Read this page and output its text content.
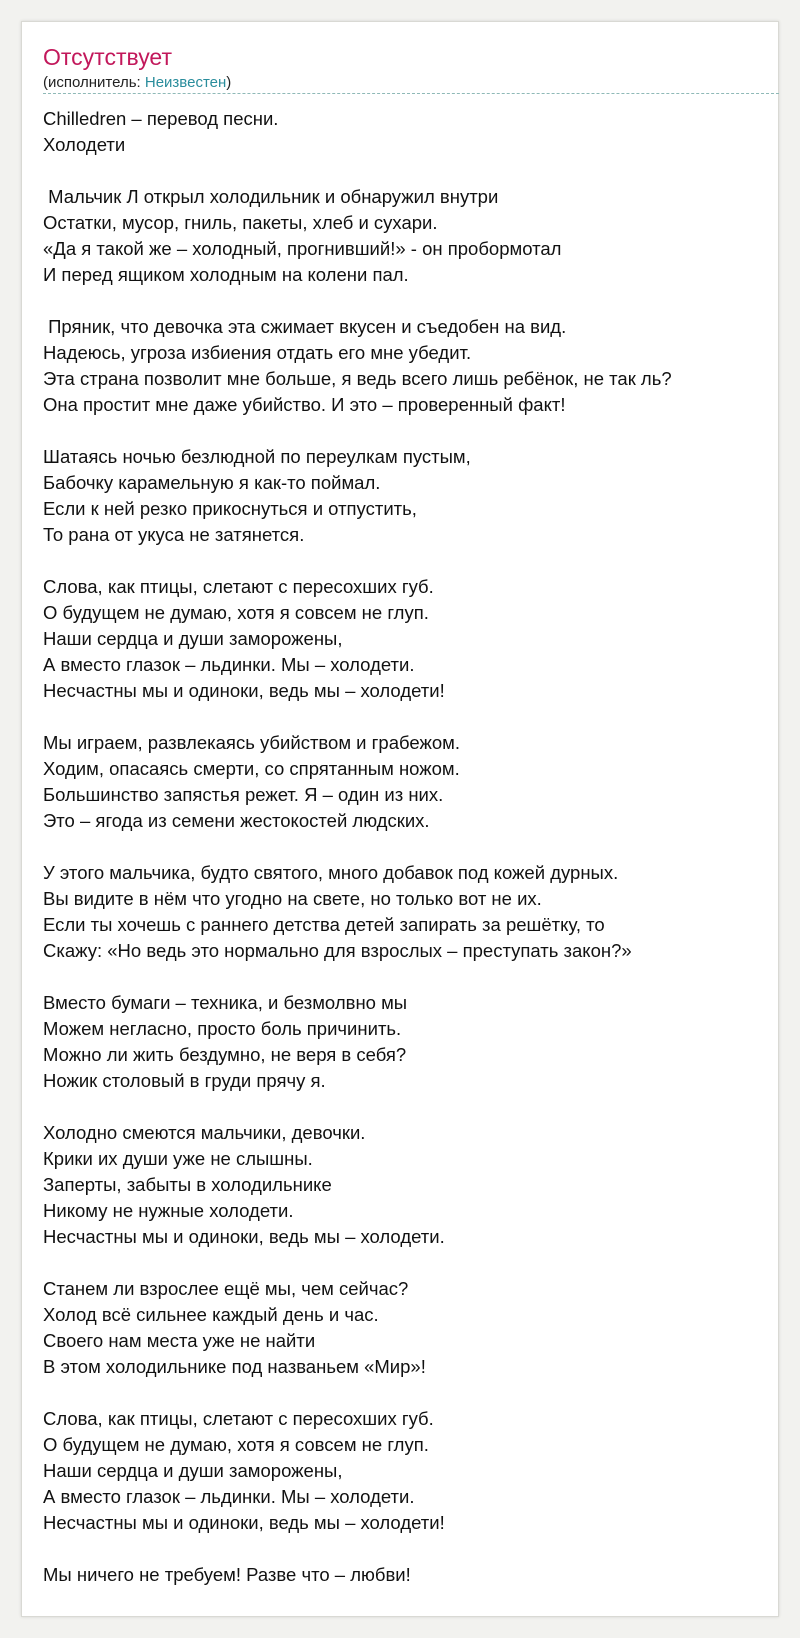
Отсутствует
(исполнитель: Неизвестен)
Chilledren – перевод песни.
Холодети
Мальчик Л открыл холодильник и обнаружил внутри
Остатки, мусор, гниль, пакеты, хлеб и сухари.
«Да я такой же – холодный, прогнивший!» - он пробормотал
И перед ящиком холодным на колени пал.
Пряник, что девочка эта сжимает вкусен и съедобен на вид.
Надеюсь, угроза избиения отдать его мне убедит.
Эта страна позволит мне больше, я ведь всего лишь ребёнок, не так ль?
Она простит мне даже убийство. И это – проверенный факт!
Шатаясь ночью безлюдной по переулкам пустым,
Бабочку карамельную я как-то поймал.
Если к ней резко прикоснуться и отпустить,
То рана от укуса не затянется.
Слова, как птицы, слетают с пересохших губ.
О будущем не думаю, хотя я совсем не глуп.
Наши сердца и души заморожены,
А вместо глазок – льдинки. Мы – холодети.
Несчастны мы и одиноки, ведь мы – холодети!
Мы играем, развлекаясь убийством и грабежом.
Ходим, опасаясь смерти, со спрятанным ножом.
Большинство запястья режет. Я – один из них.
Это – ягода из семени жестокостей людских.
У этого мальчика, будто святого, много добавок под кожей дурных.
Вы видите в нём что угодно на свете, но только вот не их.
Если ты хочешь с раннего детства детей запирать за решётку, то
Скажу: «Но ведь это нормально для взрослых – преступать закон?»
Вместо бумаги – техника, и безмолвно мы
Можем негласно, просто боль причинить.
Можно ли жить бездумно, не веря в себя?
Ножик столовый в груди прячу я.
Холодно смеются мальчики, девочки.
Крики их души уже не слышны.
Заперты, забыты в холодильнике
Никому не нужные холодети.
Несчастны мы и одиноки, ведь мы – холодети.
Станем ли взрослее ещё мы, чем сейчас?
Холод всё сильнее каждый день и час.
Своего нам места уже не найти
В этом холодильнике под названьем «Мир»!
Слова, как птицы, слетают с пересохших губ.
О будущем не думаю, хотя я совсем не глуп.
Наши сердца и души заморожены,
А вместо глазок – льдинки. Мы – холодети.
Несчастны мы и одиноки, ведь мы – холодети!
Мы ничего не требуем! Разве что – любви!
